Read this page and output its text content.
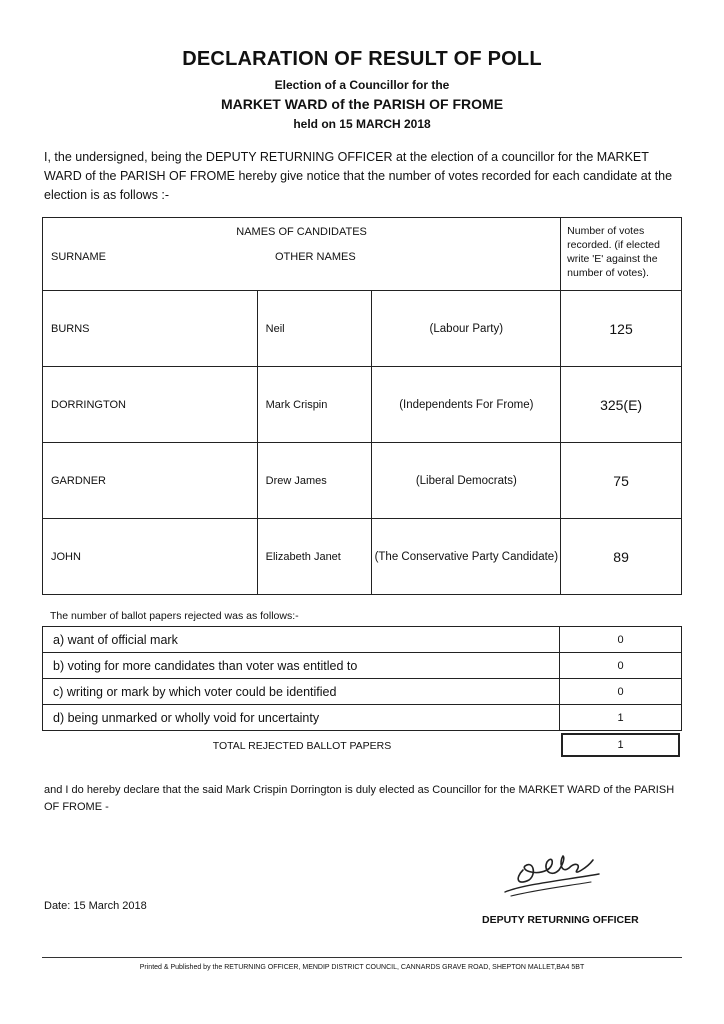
DECLARATION OF RESULT OF POLL
Election of a Councillor for the
MARKET WARD of the PARISH OF FROME
held on 15 MARCH 2018
I, the undersigned, being the DEPUTY RETURNING OFFICER at the election of a councillor for the MARKET WARD of the PARISH OF FROME hereby give notice that the number of votes recorded for each candidate at the election is as follows :-
NAMES OF CANDIDATES
SURNAME OTHER NAMES			Number of votes recorded. (if elected write 'E' against the number of votes).
BURNS	Neil	(Labour Party)	125
DORRINGTON	Mark Crispin	(Independents For Frome)	325(E)
GARDNER	Drew James	(Liberal Democrats)	75
JOHN	Elizabeth Janet	(The Conservative Party Candidate)	89
The number of ballot papers rejected was as follows:-
a) want of official mark	0
b) voting for more candidates than voter was entitled to	0
c) writing or mark by which voter could be identified	0
d) being unmarked or wholly void for uncertainty	1
TOTAL REJECTED BALLOT PAPERS	1
and I do hereby declare that the said Mark Crispin Dorrington is duly elected as Councillor for the MARKET WARD of the PARISH OF FROME -
Date: 15 March 2018
DEPUTY RETURNING OFFICER
Printed & Published by the RETURNING OFFICER, MENDIP DISTRICT COUNCIL, CANNARDS GRAVE ROAD, SHEPTON MALLET,BA4 5BT
